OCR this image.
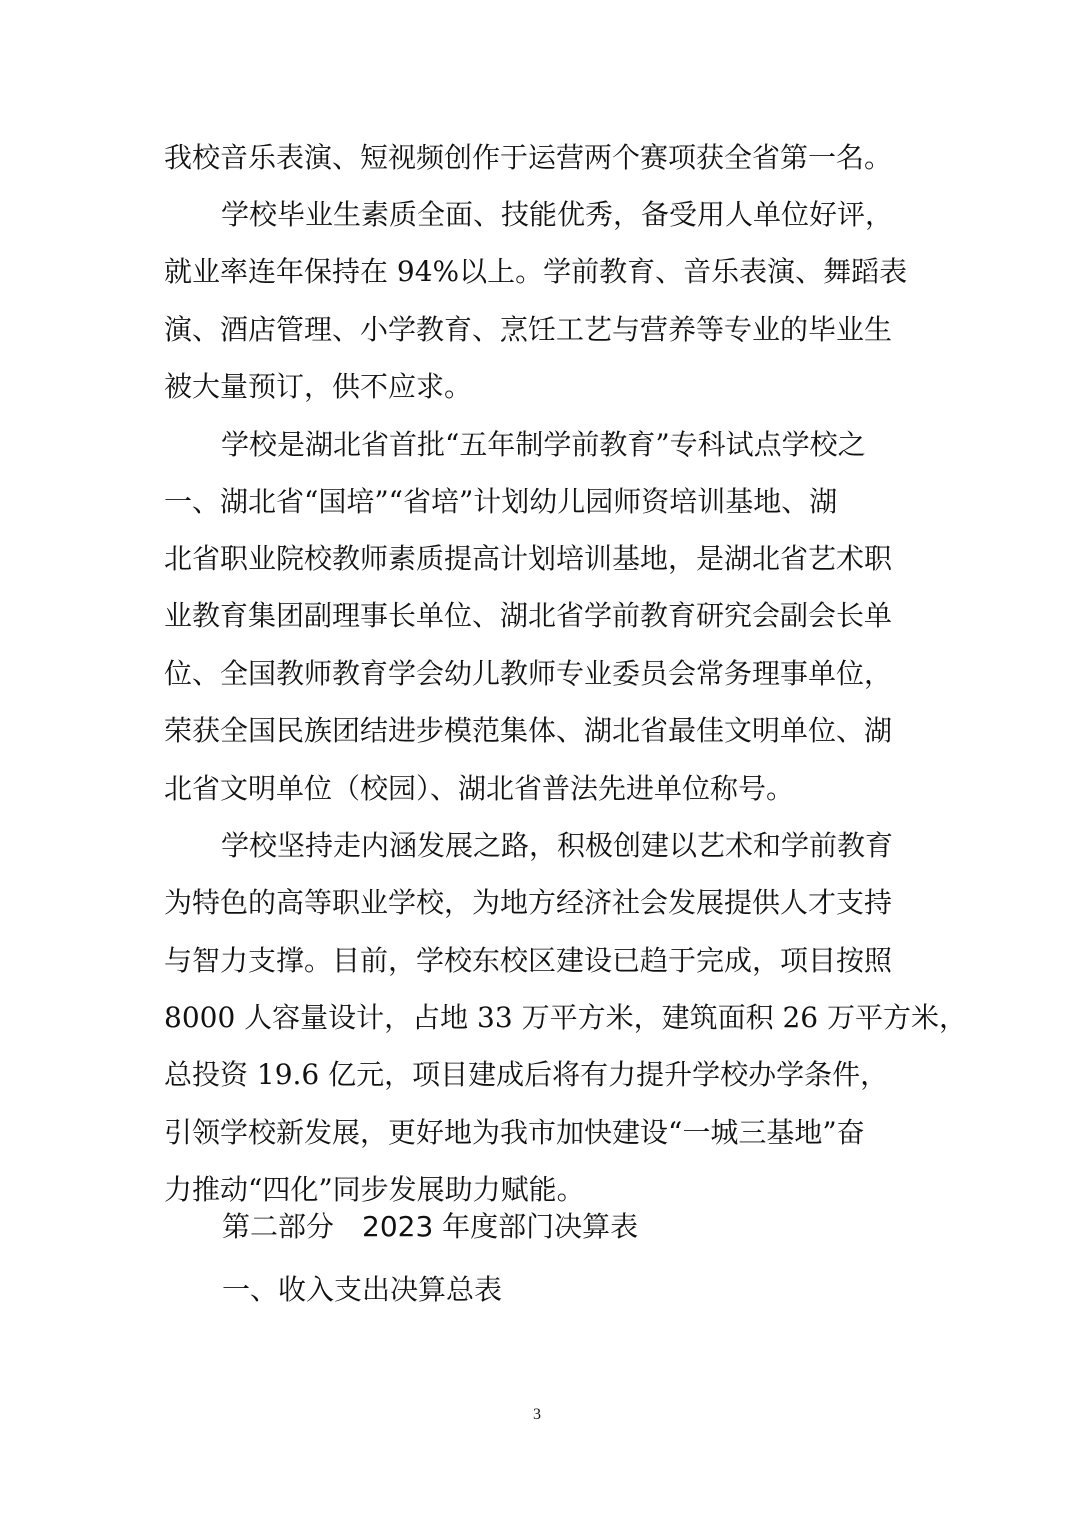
我校音乐表演、短视频创作于运营两个赛项获全省第一名。
学校毕业生素质全面、技能优秀，备受用人单位好评，
就业率连年保持在 94%以上。学前教育、音乐表演、舞蹈表
演、酒店管理、小学教育、烹饪工艺与营养等专业的毕业生
被大量预订，供不应求。
学校是湖北省首批“五年制学前教育”专科试点学校之
一、湖北省“国培”“省培”计划幼儿园师资培训基地、湖
北省职业院校教师素质提高计划培训基地，是湖北省艺术职
业教育集团副理事长单位、湖北省学前教育研究会副会长单
位、全国教师教育学会幼儿教师专业委员会常务理事单位，
荣获全国民族团结进步模范集体、湖北省最佳文明单位、湖
北省文明单位（校园）、湖北省普法先进单位称号。
学校坚持走内涵发展之路，积极创建以艺术和学前教育
为特色的高等职业学校，为地方经济社会发展提供人才支持
与智力支撑。目前，学校东校区建设已趋于完成，项目按照
8000 人容量设计，占地 33 万平方米，建筑面积 26 万平方米，
总投资 19.6 亿元，项目建成后将有力提升学校办学条件，
引领学校新发展，更好地为我市加快建设“一城三基地”奋
力推动“四化”同步发展助力赋能。
第二部分　2023 年度部门决算表
一、收入支出决算总表
3
